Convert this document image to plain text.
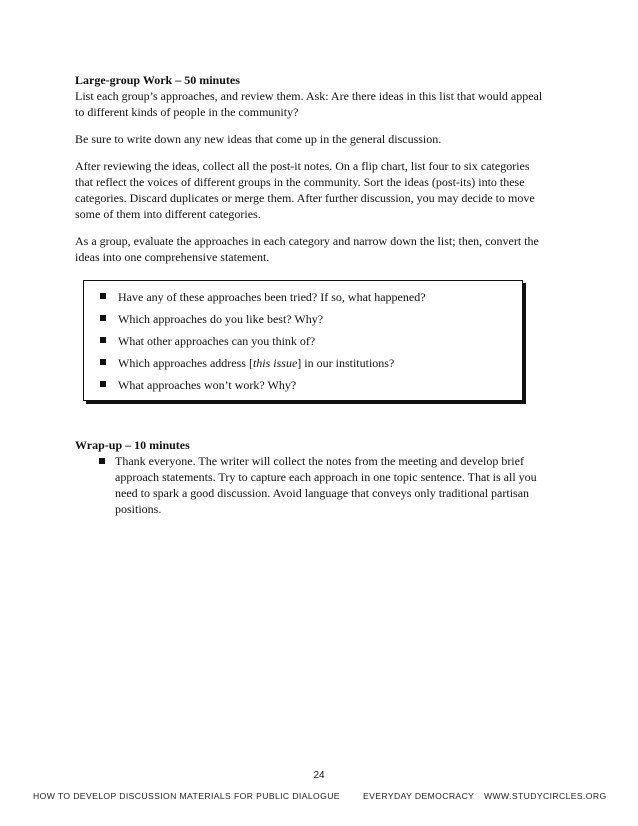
Large-group Work – 50 minutes

List each group’s approaches, and review them. Ask: Are there ideas in this list that would appeal to different kinds of people in the community?

Be sure to write down any new ideas that come up in the general discussion.

After reviewing the ideas, collect all the post-it notes. On a flip chart, list four to six categories that reflect the voices of different groups in the community. Sort the ideas (post-its) into these categories. Discard duplicates or merge them. After further discussion, you may decide to move some of them into different categories.

As a group, evaluate the approaches in each category and narrow down the list; then, convert the ideas into one comprehensive statement.

Have any of these approaches been tried? If so, what happened?
Which approaches do you like best? Why?
What other approaches can you think of?
Which approaches address [this issue] in our institutions?
What approaches won’t work? Why?
Wrap-up – 10 minutes
Thank everyone. The writer will collect the notes from the meeting and develop brief approach statements. Try to capture each approach in one topic sentence. That is all you need to spark a good discussion. Avoid language that conveys only traditional partisan positions.
24
HOW TO DEVELOP DISCUSSION MATERIALS FOR PUBLIC DIALOGUE	EVERYDAY DEMOCRACY WWW.STUDYCIRCLES.ORG
